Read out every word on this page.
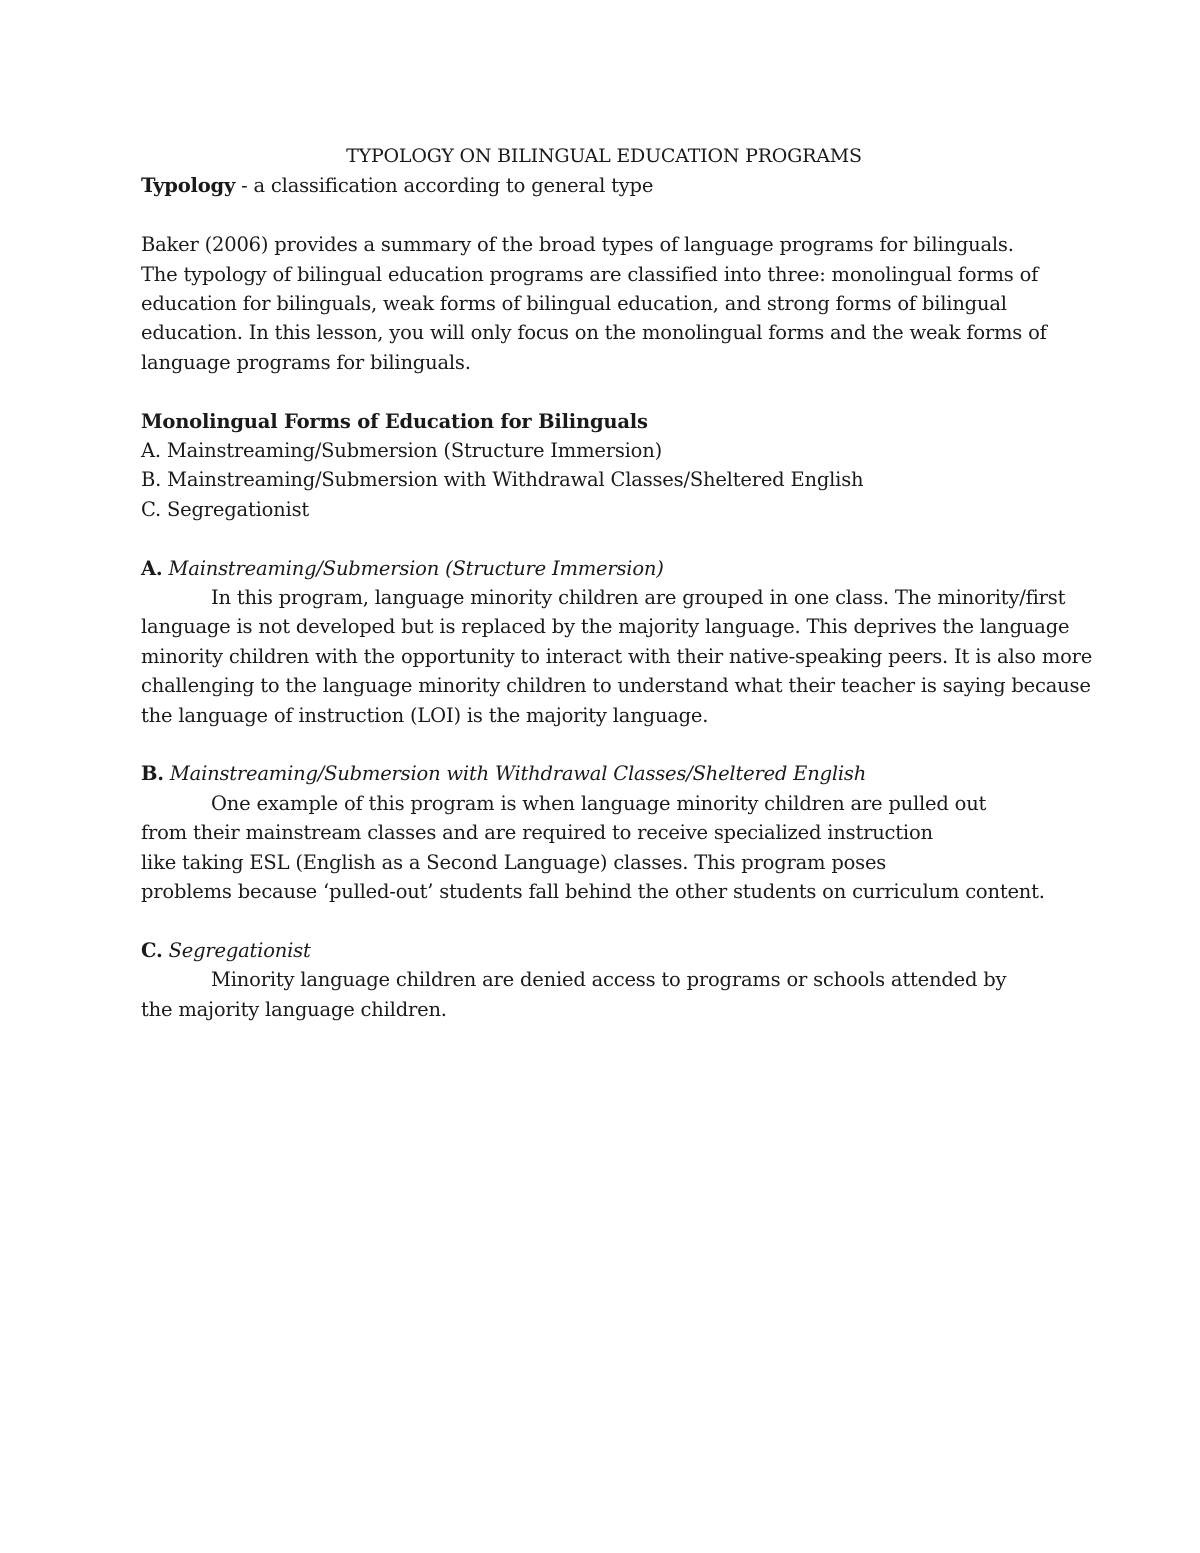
TYPOLOGY ON BILINGUAL EDUCATION PROGRAMS
Typology - a classification according to general type
Baker (2006) provides a summary of the broad types of language programs for bilinguals.
The typology of bilingual education programs are classified into three: monolingual forms of
education for bilinguals, weak forms of bilingual education, and strong forms of bilingual
education. In this lesson, you will only focus on the monolingual forms and the weak forms of
language programs for bilinguals.
Monolingual Forms of Education for Bilinguals
A. Mainstreaming/Submersion (Structure Immersion)
B. Mainstreaming/Submersion with Withdrawal Classes/Sheltered English
C. Segregationist
A. Mainstreaming/Submersion (Structure Immersion)
In this program, language minority children are grouped in one class. The minority/first
language is not developed but is replaced by the majority language. This deprives the language
minority children with the opportunity to interact with their native-speaking peers. It is also more
challenging to the language minority children to understand what their teacher is saying because
the language of instruction (LOI) is the majority language.
B. Mainstreaming/Submersion with Withdrawal Classes/Sheltered English
One example of this program is when language minority children are pulled out
from their mainstream classes and are required to receive specialized instruction
like taking ESL (English as a Second Language) classes. This program poses
problems because ‘pulled-out’ students fall behind the other students on curriculum content.
C. Segregationist
Minority language children are denied access to programs or schools attended by
the majority language children.
